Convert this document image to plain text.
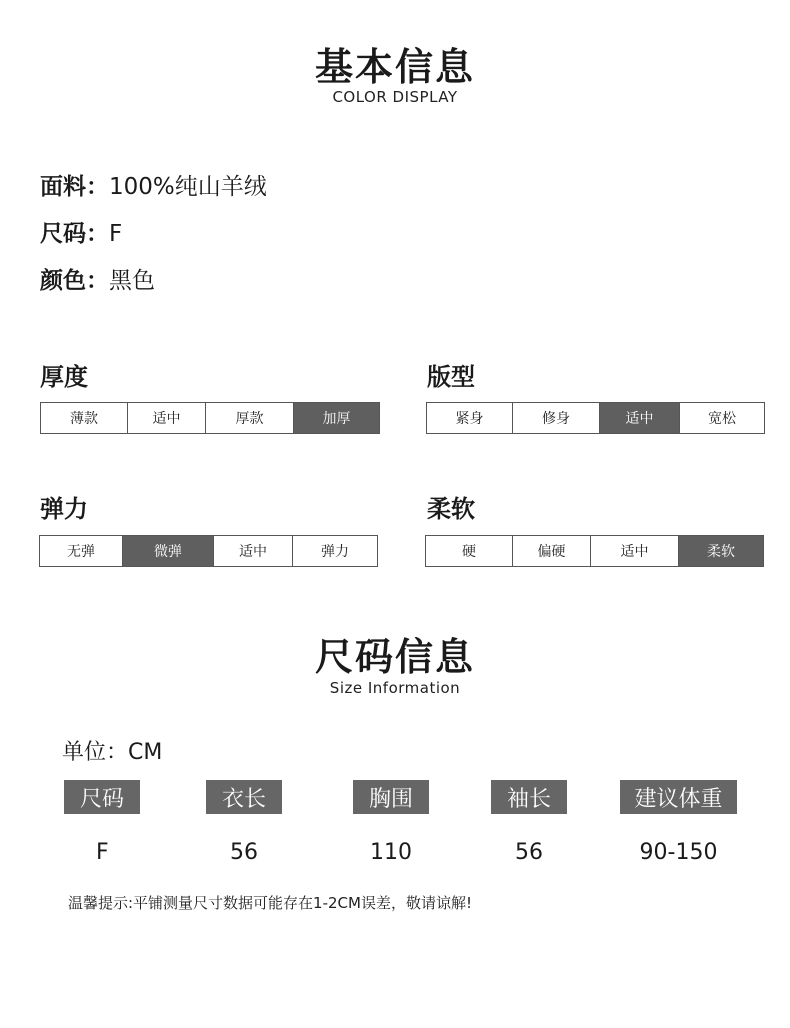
基本信息
COLOR DISPLAY
面料：100%纯山羊绒
尺码：F
颜色：黑色
厚度
薄款	适中	厚款	加厚
版型
紧身	修身	适中	宽松
弹力
无弹	微弹	适中	弹力
柔软
硬	偏硬	适中	柔软
尺码信息
Size Information
单位：CM
尺码	衣长	胸围	袖长	建议体重
F	56	110	56	90-150
温馨提示:平铺测量尺寸数据可能存在1-2CM误差，敬请谅解!
